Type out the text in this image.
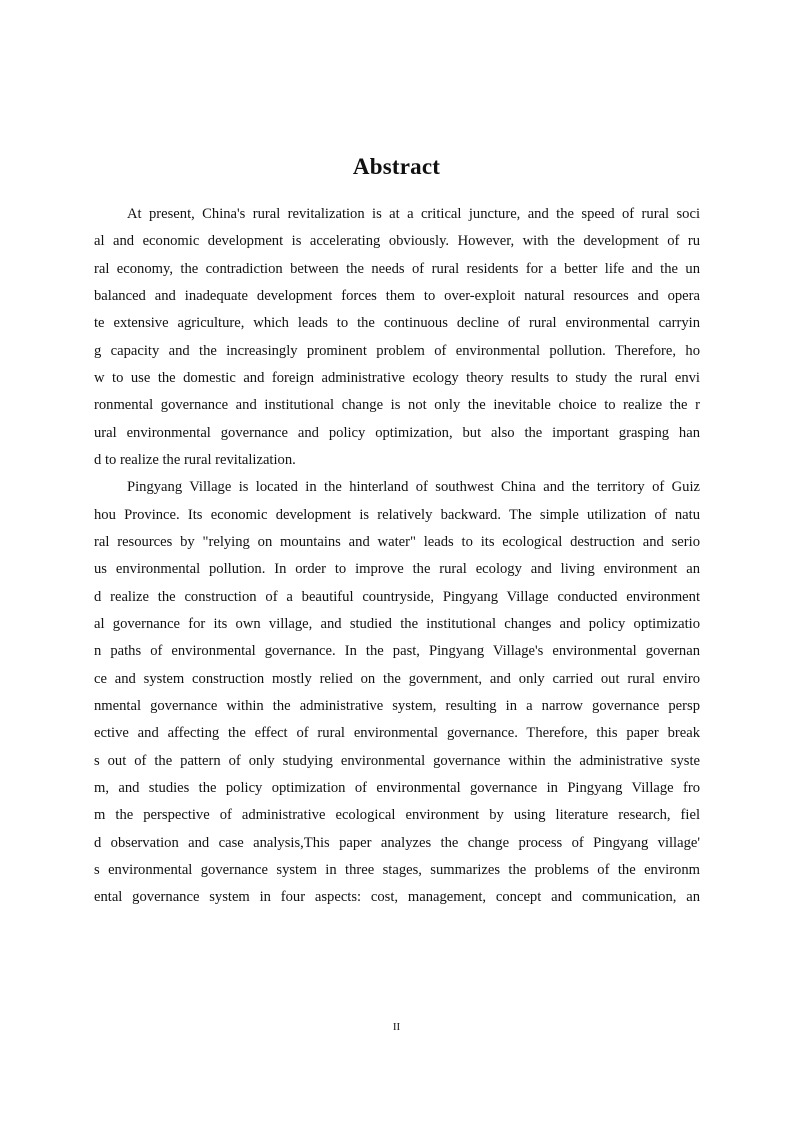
Abstract

At present, China's rural revitalization is at a critical juncture, and the speed of rural soci
al and economic development is accelerating obviously. However, with the development of ru
ral economy, the contradiction between the needs of rural residents for a better life and the un
balanced and inadequate development forces them to over-exploit natural resources and opera
te extensive agriculture, which leads to the continuous decline of rural environmental carryin
g capacity and the increasingly prominent problem of environmental pollution. Therefore, ho
w to use the domestic and foreign administrative ecology theory results to study the rural envi
ronmental governance and institutional change is not only the inevitable choice to realize the r
ural environmental governance and policy optimization, but also the important grasping han
d to realize the rural revitalization.

Pingyang Village is located in the hinterland of southwest China and the territory of Guiz
hou Province. Its economic development is relatively backward. The simple utilization of natu
ral resources by "relying on mountains and water" leads to its ecological destruction and serio
us environmental pollution. In order to improve the rural ecology and living environment an
d realize the construction of a beautiful countryside, Pingyang Village conducted environment
al governance for its own village, and studied the institutional changes and policy optimizatio
n paths of environmental governance. In the past, Pingyang Village's environmental governan
ce and system construction mostly relied on the government, and only carried out rural enviro
nmental governance within the administrative system, resulting in a narrow governance persp
ective and affecting the effect of rural environmental governance. Therefore, this paper break
s out of the pattern of only studying environmental governance within the administrative syste
m, and studies the policy optimization of environmental governance in Pingyang Village fro
m the perspective of administrative ecological environment by using literature research, fiel
d observation and case analysis,This paper analyzes the change process of Pingyang village'
s environmental governance system in three stages, summarizes the problems of the environm
ental governance system in four aspects: cost, management, concept and communication, an

II
